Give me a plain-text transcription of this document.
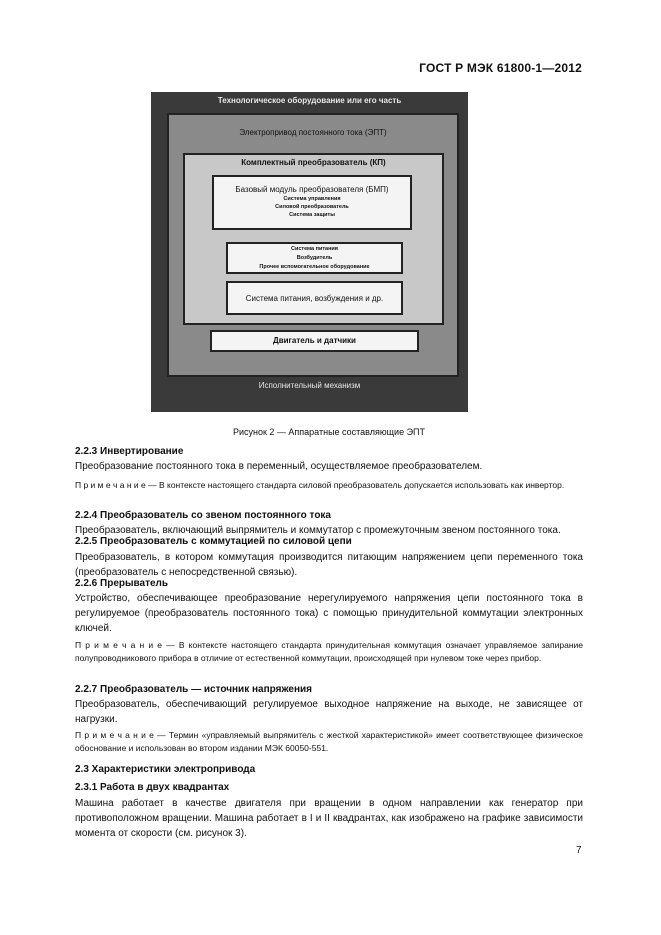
ГОСТ Р МЭК 61800-1—2012
Технологическое оборудование или его часть
Электропривод постоянного тока (ЭПТ)
Комплектный преобразователь (КП)
Базовый модуль преобразователя (БМП)
Система управления
Силовой преобразователь
Система защиты
Система питания
Возбудитель
Прочее вспомогательное оборудование
Система питания, возбуждения и др.
Двигатель и датчики
Исполнительный механизм
Рисунок 2 — Аппаратные составляющие ЭПТ
2.2.3 Инвертирование
Преобразование постоянного тока в переменный, осуществляемое преобразователем.
П р и м е ч а н и е — В контексте настоящего стандарта силовой преобразователь допускается использовать как инвертор.
2.2.4 Преобразователь со звеном постоянного тока
Преобразователь, включающий выпрямитель и коммутатор с промежуточным звеном постоянного тока.
2.2.5 Преобразователь с коммутацией по силовой цепи
Преобразователь, в котором коммутация производится питающим напряжением цепи переменного тока (преобразователь с непосредственной связью).
2.2.6 Прерыватель
Устройство, обеспечивающее преобразование нерегулируемого напряжения цепи постоянного тока в регулируемое (преобразователь постоянного тока) с помощью принудительной коммутации электронных ключей.
П р и м е ч а н и е — В контексте настоящего стандарта принудительная коммутация означает управляемое запирание полупроводникового прибора в отличие от естественной коммутации, происходящей при нулевом токе через прибор.
2.2.7 Преобразователь — источник напряжения
Преобразователь, обеспечивающий регулируемое выходное напряжение на выходе, не зависящее от нагрузки.
П р и м е ч а н и е — Термин «управляемый выпрямитель с жесткой характеристикой» имеет соответствующее физическое обоснование и использован во втором издании МЭК 60050-551.
2.3 Характеристики электропривода
2.3.1 Работа в двух квадрантах
Машина работает в качестве двигателя при вращении в одном направлении как генератор при противоположном вращении. Машина работает в I и II квадрантах, как изображено на графике зависимости момента от скорости (см. рисунок 3).
7
